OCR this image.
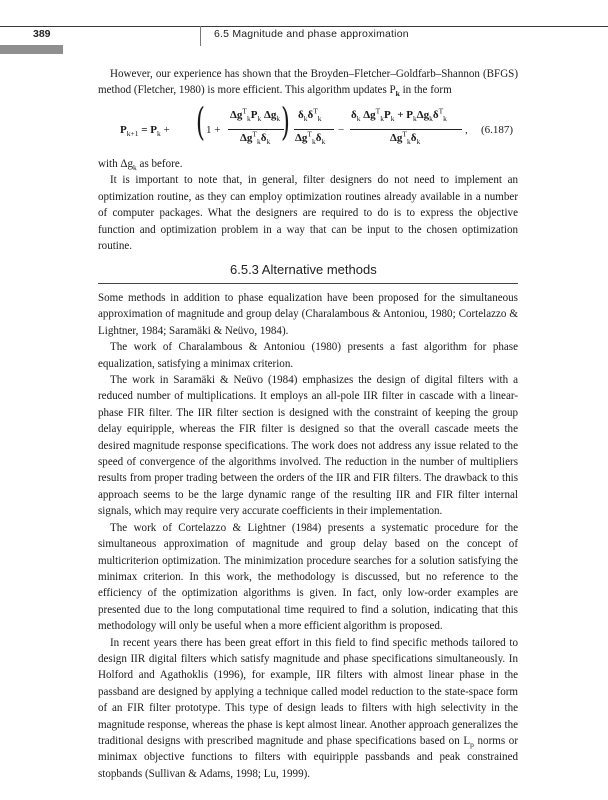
389	6.5 Magnitude and phase approximation

However, our experience has shown that the Broyden–Fletcher–Goldfarb–Shannon (BFGS) method (Fletcher, 1980) is more efficient. This algorithm updates $P_k$ in the form

$P_{k+1} = P_k$ + ( 1 +
$\Delta g^T_kP_k$ $\Delta g_k$
$\Delta g^T_k\delta_k$ ) $\delta_k\delta^T_k$
$\Delta g^T_k\delta_k$
−
$\delta_k$ $\Delta g^T_kP_k + P_k\Delta g_k\delta^T_k$
$\Delta g^T_k\delta_k$
, (6.187)

with $\Delta g_k$ as before.

It is important to note that, in general, filter designers do not need to implement an optimization routine, as they can employ optimization routines already available in a number of computer packages. What the designers are required to do is to express the objective function and optimization problem in a way that can be input to the chosen optimization routine.

6.5.3 Alternative methods

Some methods in addition to phase equalization have been proposed for the simultaneous approximation of magnitude and group delay (Charalambous & Antoniou, 1980; Cortelazzo & Lightner, 1984; Saramäki & Neüvo, 1984).

The work of Charalambous & Antoniou (1980) presents a fast algorithm for phase equalization, satisfying a minimax criterion.

The work in Saramäki & Neüvo (1984) emphasizes the design of digital filters with a reduced number of multiplications. It employs an all-pole IIR filter in cascade with a linear-phase FIR filter. The IIR filter section is designed with the constraint of keeping the group delay equiripple, whereas the FIR filter is designed so that the overall cascade meets the desired magnitude response specifications. The work does not address any issue related to the speed of convergence of the algorithms involved. The reduction in the number of multipliers results from proper trading between the orders of the IIR and FIR filters. The drawback to this approach seems to be the large dynamic range of the resulting IIR and FIR filter internal signals, which may require very accurate coefficients in their implementation.

The work of Cortelazzo & Lightner (1984) presents a systematic procedure for the simultaneous approximation of magnitude and group delay based on the concept of multicriterion optimization. The minimization procedure searches for a solution satisfying the minimax criterion. In this work, the methodology is discussed, but no reference to the efficiency of the optimization algorithms is given. In fact, only low-order examples are presented due to the long computational time required to find a solution, indicating that this methodology will only be useful when a more efficient algorithm is proposed.

In recent years there has been great effort in this field to find specific methods tailored to design IIR digital filters which satisfy magnitude and phase specifications simultaneously. In Holford and Agathoklis (1996), for example, IIR filters with almost linear phase in the passband are designed by applying a technique called model reduction to the state-space form of an FIR filter prototype. This type of design leads to filters with high selectivity in the magnitude response, whereas the phase is kept almost linear. Another approach generalizes the traditional designs with prescribed magnitude and phase specifications based on $L_p$ norms or minimax objective functions to filters with equiripple passbands and peak constrained stopbands (Sullivan & Adams, 1998; Lu, 1999).
